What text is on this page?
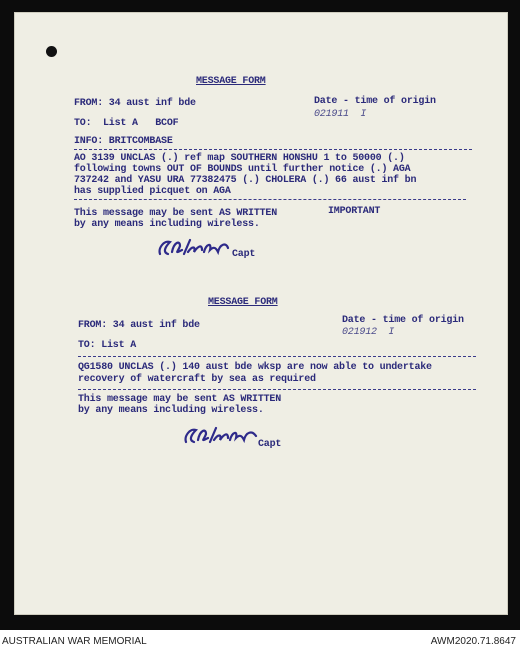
MESSAGE FORM
FROM: 34 aust inf bde	Date - time of origin
021911  I
TO:  List A   BCOF
INFO: BRITCOMBASE
AO 3139 UNCLAS (.) ref map SOUTHERN HONSHU 1 to 50000 (.)
following towns OUT OF BOUNDS until further notice (.) AGA
737242 and YASU URA 77382475 (.) CHOLERA (.) 66 aust inf bn
has supplied picquet on AGA
This message may be sent AS WRITTEN
by any means including wireless.
IMPORTANT
Capt
MESSAGE FORM
FROM: 34 aust inf bde	Date - time of origin
021912  I
TO: List A
QG1580 UNCLAS (.) 140 aust bde wksp are now able to undertake
recovery of watercraft by sea as required
This message may be sent AS WRITTEN
by any means including wireless.
Capt
AUSTRALIAN WAR MEMORIAL	AWM2020.71.8647
